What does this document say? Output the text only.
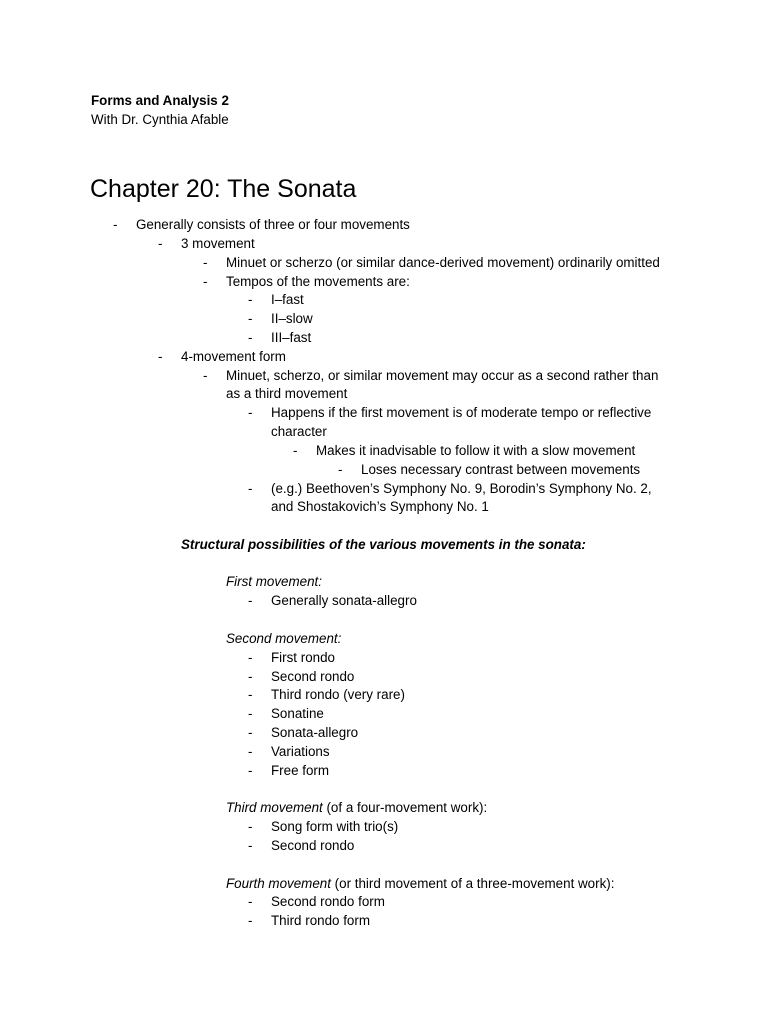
Forms and Analysis 2
With Dr. Cynthia Afable
Chapter 20: The Sonata
- Generally consists of three or four movements
- 3 movement
- Minuet or scherzo (or similar dance-derived movement) ordinarily omitted
- Tempos of the movements are:
- I–fast
- II–slow
- III–fast
- 4-movement form
- Minuet, scherzo, or similar movement may occur as a second rather than
as a third movement
- Happens if the first movement is of moderate tempo or reflective
character
- Makes it inadvisable to follow it with a slow movement
- Loses necessary contrast between movements
- (e.g.) Beethoven’s Symphony No. 9, Borodin’s Symphony No. 2,
and Shostakovich’s Symphony No. 1
Structural possibilities of the various movements in the sonata:
First movement:
- Generally sonata-allegro
Second movement:
- First rondo
- Second rondo
- Third rondo (very rare)
- Sonatine
- Sonata-allegro
- Variations
- Free form
Third movement (of a four-movement work):
- Song form with trio(s)
- Second rondo
Fourth movement (or third movement of a three-movement work):
- Second rondo form
- Third rondo form
